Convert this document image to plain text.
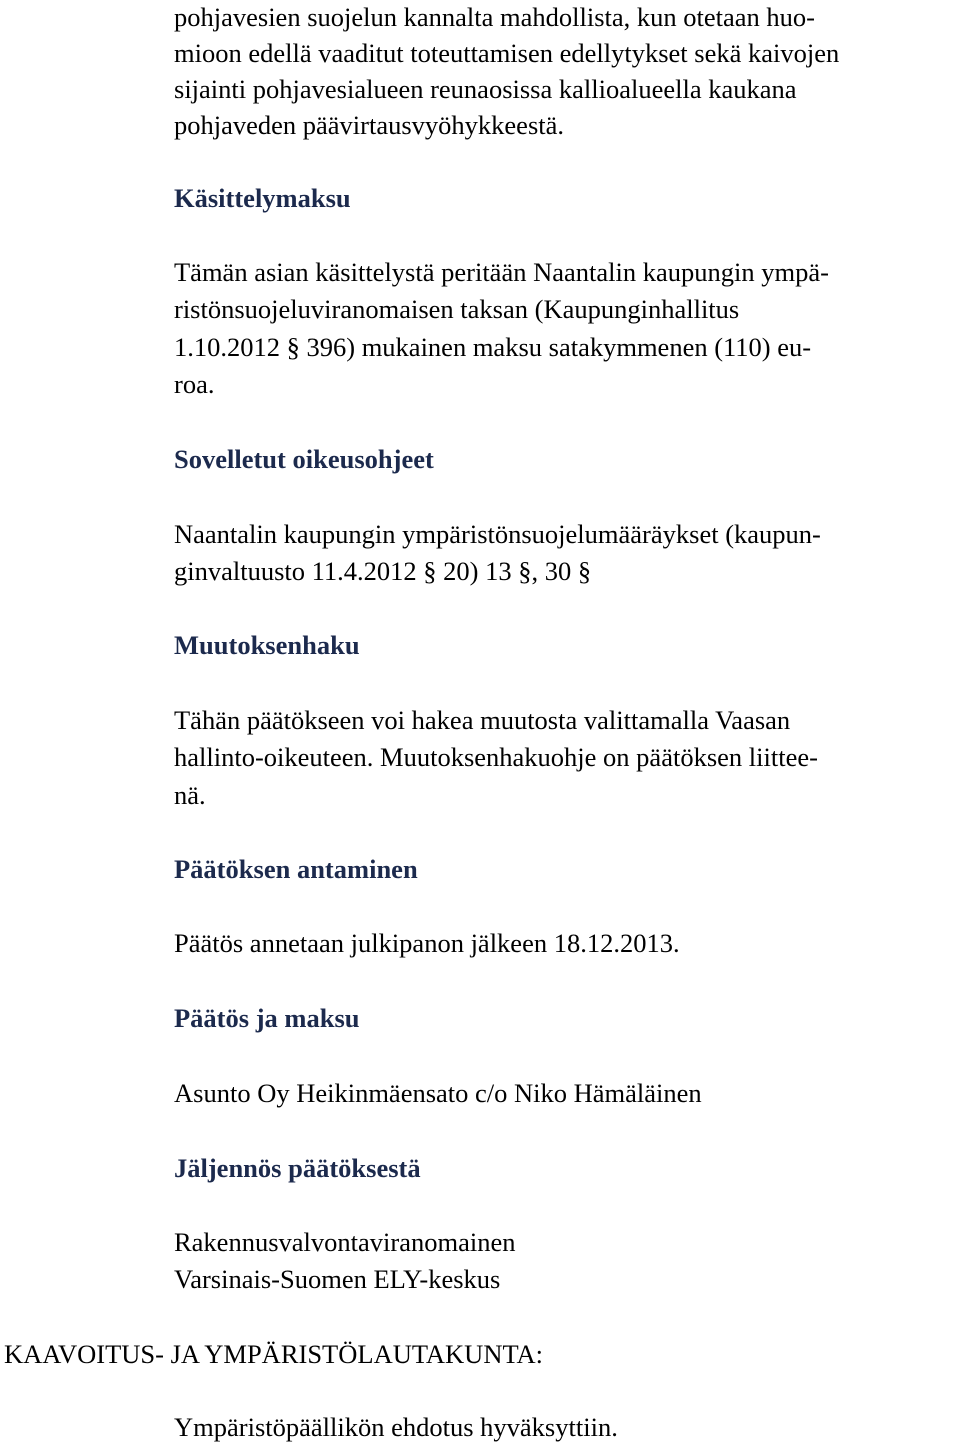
pohjavesien suojelun kannalta mahdollista, kun otetaan huo-
mioon edellä vaaditut toteuttamisen edellytykset sekä kaivojen
sijainti pohjavesialueen reunaosissa kallioalueella kaukana
pohjaveden päävirtausvyöhykkeestä.
Käsittelymaksu
Tämän asian käsittelystä peritään Naantalin kaupungin ympä-
ristönsuojeluviranomaisen taksan (Kaupunginhallitus
1.10.2012 § 396) mukainen maksu satakymmenen (110) eu-
roa.
Sovelletut oikeusohjeet
Naantalin kaupungin ympäristönsuojelumääräykset (kaupun-
ginvaltuusto 11.4.2012 § 20) 13 §, 30 §
Muutoksenhaku
Tähän päätökseen voi hakea muutosta valittamalla Vaasan
hallinto-oikeuteen. Muutoksenhakuohje on päätöksen liittee-
nä.
Päätöksen antaminen
Päätös annetaan julkipanon jälkeen 18.12.2013.
Päätös ja maksu
Asunto Oy Heikinmäensato c/o Niko Hämäläinen
Jäljennös päätöksestä
Rakennusvalvontaviranomainen
Varsinais-Suomen ELY-keskus
KAAVOITUS- JA YMPÄRISTÖLAUTAKUNTA:
Ympäristöpäällikön ehdotus hyväksyttiin.
